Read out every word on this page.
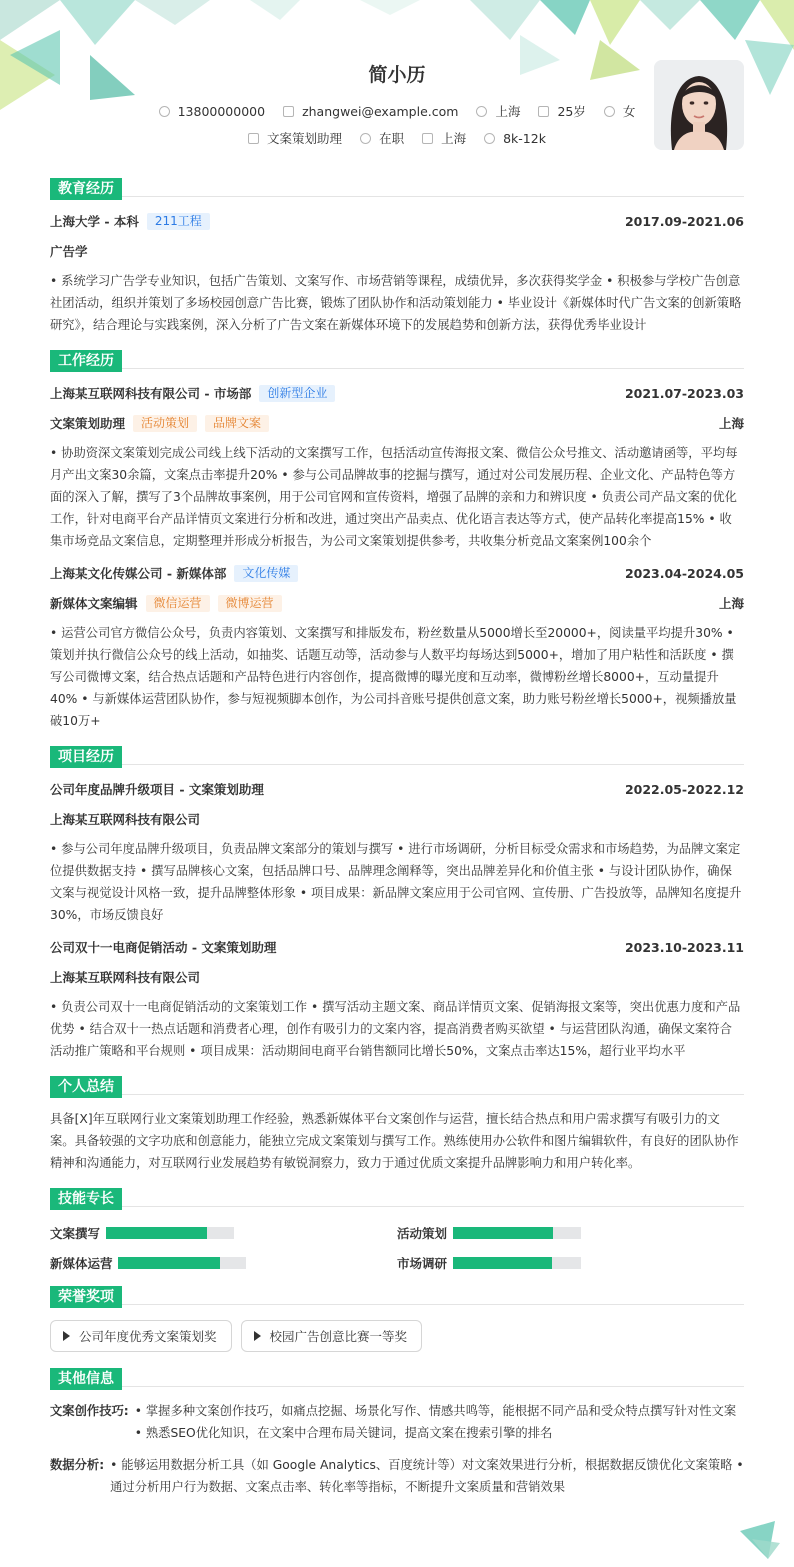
简小历
13800000000	zhangwei@example.com	上海	25岁	女
文案策划助理	在职	上海	8k-12k
教育经历
上海大学 - 本科	211工程	2017.09-2021.06
广告学
• 系统学习广告学专业知识，包括广告策划、文案写作、市场营销等课程，成绩优异，多次获得奖学金 • 积极参与学校广告创意社团活动，组织并策划了多场校园创意广告比赛，锻炼了团队协作和活动策划能力 • 毕业设计《新媒体时代广告文案的创新策略研究》，结合理论与实践案例，深入分析了广告文案在新媒体环境下的发展趋势和创新方法，获得优秀毕业设计
工作经历
上海某互联网科技有限公司 - 市场部	创新型企业	2021.07-2023.03
文案策划助理	活动策划	品牌文案	上海
• 协助资深文案策划完成公司线上线下活动的文案撰写工作，包括活动宣传海报文案、微信公众号推文、活动邀请函等，平均每月产出文案30余篇，文案点击率提升20% • 参与公司品牌故事的挖掘与撰写，通过对公司发展历程、企业文化、产品特色等方面的深入了解，撰写了3个品牌故事案例，用于公司官网和宣传资料，增强了品牌的亲和力和辨识度 • 负责公司产品文案的优化工作，针对电商平台产品详情页文案进行分析和改进，通过突出产品卖点、优化语言表达等方式，使产品转化率提高15% • 收集市场竞品文案信息，定期整理并形成分析报告，为公司文案策划提供参考，共收集分析竞品文案案例100余个
上海某文化传媒公司 - 新媒体部	文化传媒	2023.04-2024.05
新媒体文案编辑	微信运营	微博运营	上海
• 运营公司官方微信公众号，负责内容策划、文案撰写和排版发布，粉丝数量从5000增长至20000+，阅读量平均提升30% • 策划并执行微信公众号的线上活动，如抽奖、话题互动等，活动参与人数平均每场达到5000+，增加了用户粘性和活跃度 • 撰写公司微博文案，结合热点话题和产品特色进行内容创作，提高微博的曝光度和互动率，微博粉丝增长8000+，互动量提升40% • 与新媒体运营团队协作，参与短视频脚本创作，为公司抖音账号提供创意文案，助力账号粉丝增长5000+，视频播放量破10万+
项目经历
公司年度品牌升级项目 - 文案策划助理	2022.05-2022.12
上海某互联网科技有限公司
• 参与公司年度品牌升级项目，负责品牌文案部分的策划与撰写 • 进行市场调研，分析目标受众需求和市场趋势，为品牌文案定位提供数据支持 • 撰写品牌核心文案，包括品牌口号、品牌理念阐释等，突出品牌差异化和价值主张 • 与设计团队协作，确保文案与视觉设计风格一致，提升品牌整体形象 • 项目成果：新品牌文案应用于公司官网、宣传册、广告投放等，品牌知名度提升30%，市场反馈良好
公司双十一电商促销活动 - 文案策划助理	2023.10-2023.11
上海某互联网科技有限公司
• 负责公司双十一电商促销活动的文案策划工作 • 撰写活动主题文案、商品详情页文案、促销海报文案等，突出优惠力度和产品优势 • 结合双十一热点话题和消费者心理，创作有吸引力的文案内容，提高消费者购买欲望 • 与运营团队沟通，确保文案符合活动推广策略和平台规则 • 项目成果：活动期间电商平台销售额同比增长50%，文案点击率达15%，超行业平均水平
个人总结
具备[X]年互联网行业文案策划助理工作经验，熟悉新媒体平台文案创作与运营，擅长结合热点和用户需求撰写有吸引力的文案。具备较强的文字功底和创意能力，能独立完成文案策划与撰写工作。熟练使用办公软件和图片编辑软件，有良好的团队协作精神和沟通能力，对互联网行业发展趋势有敏锐洞察力，致力于通过优质文案提升品牌影响力和用户转化率。
技能专长
文案撰写	活动策划
新媒体运营	市场调研
荣誉奖项
公司年度优秀文案策划奖	校园广告创意比赛一等奖
其他信息
文案创作技巧: • 掌握多种文案创作技巧，如痛点挖掘、场景化写作、情感共鸣等，能根据不同产品和受众特点撰写针对性文案 • 熟悉SEO优化知识，在文案中合理布局关键词，提高文案在搜索引擎的排名
数据分析: • 能够运用数据分析工具（如 Google Analytics、百度统计等）对文案效果进行分析，根据数据反馈优化文案策略 • 通过分析用户行为数据、文案点击率、转化率等指标，不断提升文案质量和营销效果
